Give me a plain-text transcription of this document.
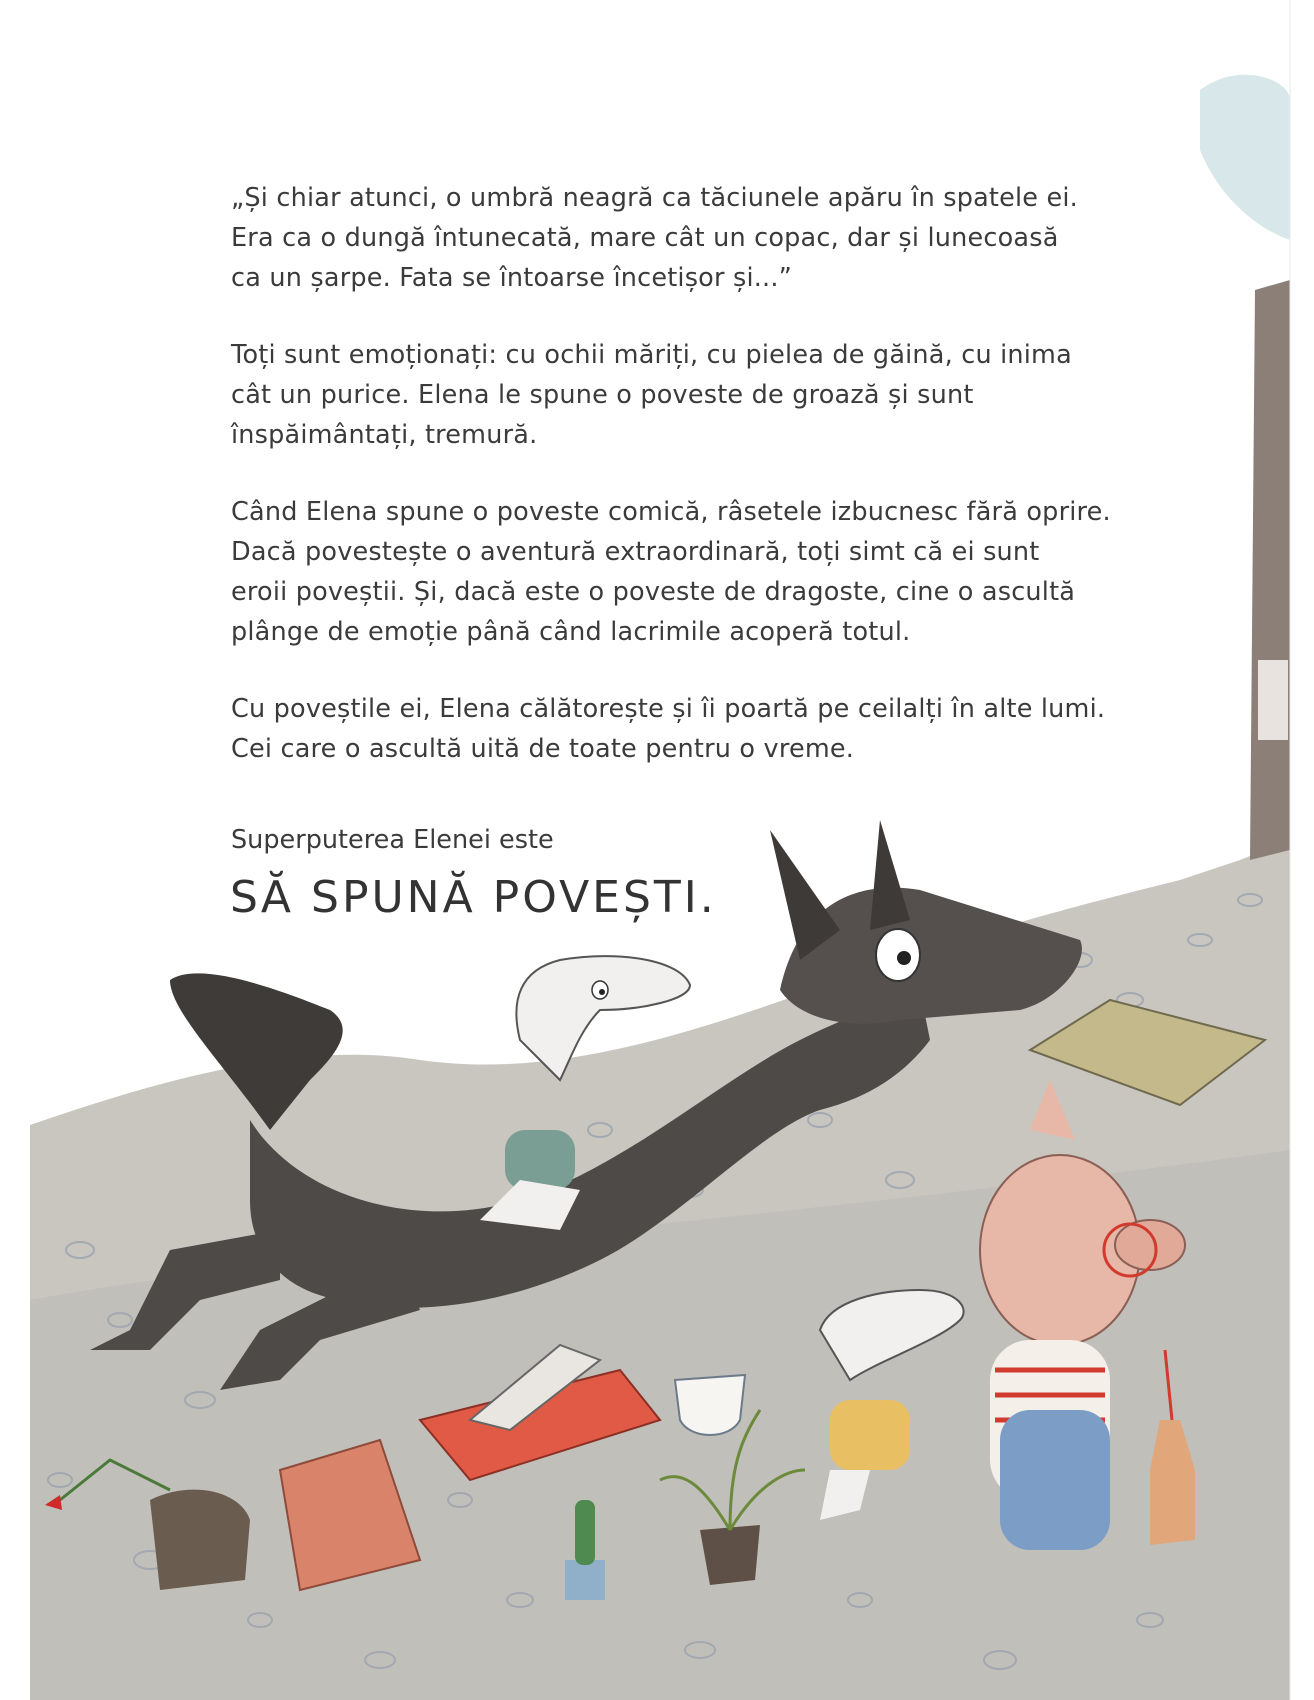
„Și chiar atunci, o umbră neagră ca tăciunele apăru în spatele ei.
Era ca o dungă întunecată, mare cât un copac, dar și lunecoasă
ca un șarpe. Fata se întoarse încetișor și...”

Toți sunt emoționați: cu ochii măriți, cu pielea de găină, cu inima
cât un purice. Elena le spune o poveste de groază și sunt
înspăimântați, tremură.

Când Elena spune o poveste comică, râsetele izbucnesc fără oprire.
Dacă povestește o aventură extraordinară, toți simt că ei sunt
eroii poveștii. Și, dacă este o poveste de dragoste, cine o ascultă
plânge de emoție până când lacrimile acoperă totul.

Cu poveștile ei, Elena călătorește și îi poartă pe ceilalți în alte lumi.
Cei care o ascultă uită de toate pentru o vreme.

Superputerea Elenei este
SĂ SPUNĂ POVEȘTI.
